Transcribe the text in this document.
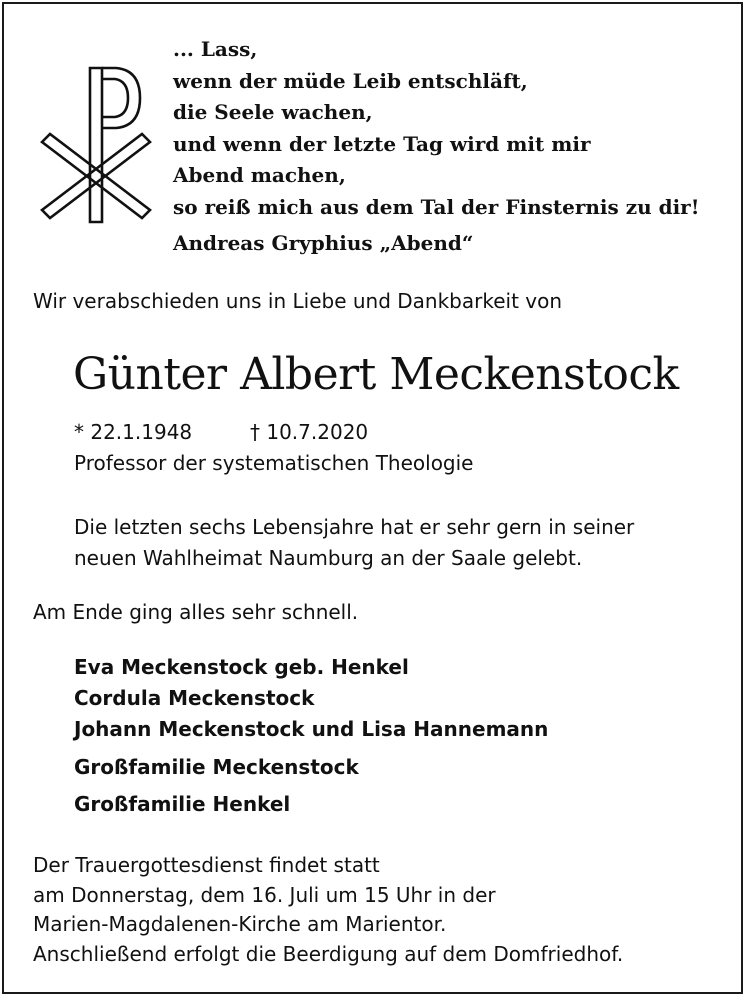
... Lass,
wenn der müde Leib entschläft,
die Seele wachen,
und wenn der letzte Tag wird mit mir
Abend machen,
so reiß mich aus dem Tal der Finsternis zu dir!
Andreas Gryphius „Abend“
Wir verabschieden uns in Liebe und Dankbarkeit von
Günter Albert Meckenstock
* 22.1.1948	† 10.7.2020
Professor der systematischen Theologie
Die letzten sechs Lebensjahre hat er sehr gern in seiner
neuen Wahlheimat Naumburg an der Saale gelebt.
Am Ende ging alles sehr schnell.
Eva Meckenstock geb. Henkel
Cordula Meckenstock
Johann Meckenstock und Lisa Hannemann
Großfamilie Meckenstock
Großfamilie Henkel
Der Trauergottesdienst findet statt
am Donnerstag, dem 16. Juli um 15 Uhr in der
Marien-Magdalenen-Kirche am Marientor.
Anschließend erfolgt die Beerdigung auf dem Domfriedhof.
